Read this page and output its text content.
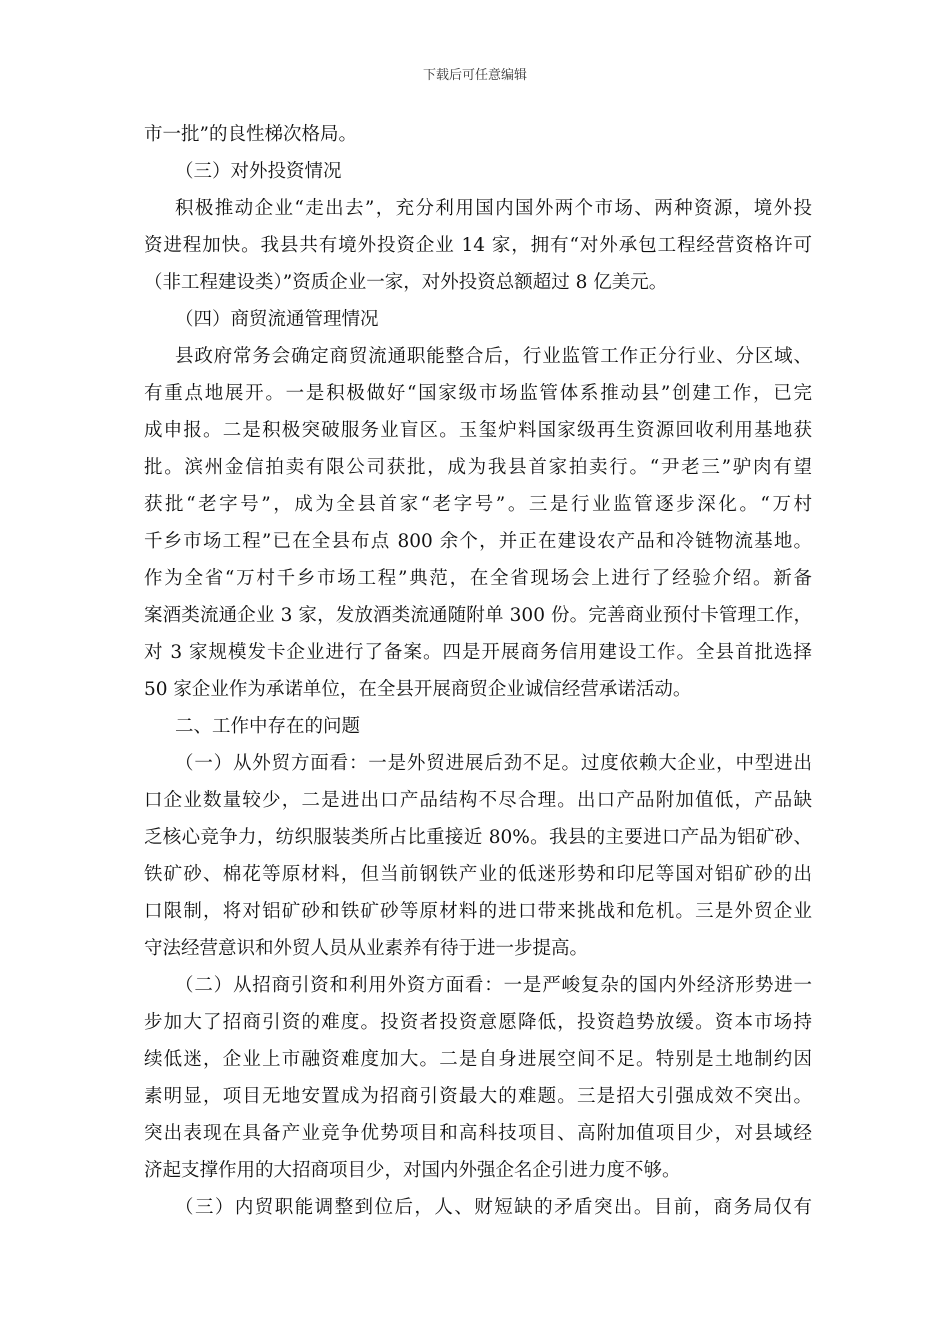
下载后可任意编辑
市一批”的良性梯次格局。
（三）对外投资情况
积极推动企业“走出去”，充分利用国内国外两个市场、两种资源，境外投
资进程加快。我县共有境外投资企业 14 家，拥有“对外承包工程经营资格许可
（非工程建设类）”资质企业一家，对外投资总额超过 8 亿美元。
（四）商贸流通管理情况
县政府常务会确定商贸流通职能整合后，行业监管工作正分行业、分区域、
有重点地展开。一是积极做好“国家级市场监管体系推动县”创建工作，已完
成申报。二是积极突破服务业盲区。玉玺炉料国家级再生资源回收利用基地获
批。滨州金信拍卖有限公司获批，成为我县首家拍卖行。“尹老三”驴肉有望
获批“老字号”，成为全县首家“老字号”。三是行业监管逐步深化。“万村
千乡市场工程”已在全县布点 800 余个，并正在建设农产品和冷链物流基地。
作为全省“万村千乡市场工程”典范，在全省现场会上进行了经验介绍。新备
案酒类流通企业 3 家，发放酒类流通随附单 300 份。完善商业预付卡管理工作，
对 3 家规模发卡企业进行了备案。四是开展商务信用建设工作。全县首批选择
50 家企业作为承诺单位，在全县开展商贸企业诚信经营承诺活动。
二、工作中存在的问题
（一）从外贸方面看：一是外贸进展后劲不足。过度依赖大企业，中型进出
口企业数量较少，二是进出口产品结构不尽合理。出口产品附加值低，产品缺
乏核心竞争力，纺织服装类所占比重接近 80%。我县的主要进口产品为铝矿砂、
铁矿砂、棉花等原材料，但当前钢铁产业的低迷形势和印尼等国对铝矿砂的出
口限制，将对铝矿砂和铁矿砂等原材料的进口带来挑战和危机。三是外贸企业
守法经营意识和外贸人员从业素养有待于进一步提高。
（二）从招商引资和利用外资方面看：一是严峻复杂的国内外经济形势进一
步加大了招商引资的难度。投资者投资意愿降低，投资趋势放缓。资本市场持
续低迷，企业上市融资难度加大。二是自身进展空间不足。特别是土地制约因
素明显，项目无地安置成为招商引资最大的难题。三是招大引强成效不突出。
突出表现在具备产业竞争优势项目和高科技项目、高附加值项目少，对县域经
济起支撑作用的大招商项目少，对国内外强企名企引进力度不够。
（三）内贸职能调整到位后，人、财短缺的矛盾突出。目前，商务局仅有
